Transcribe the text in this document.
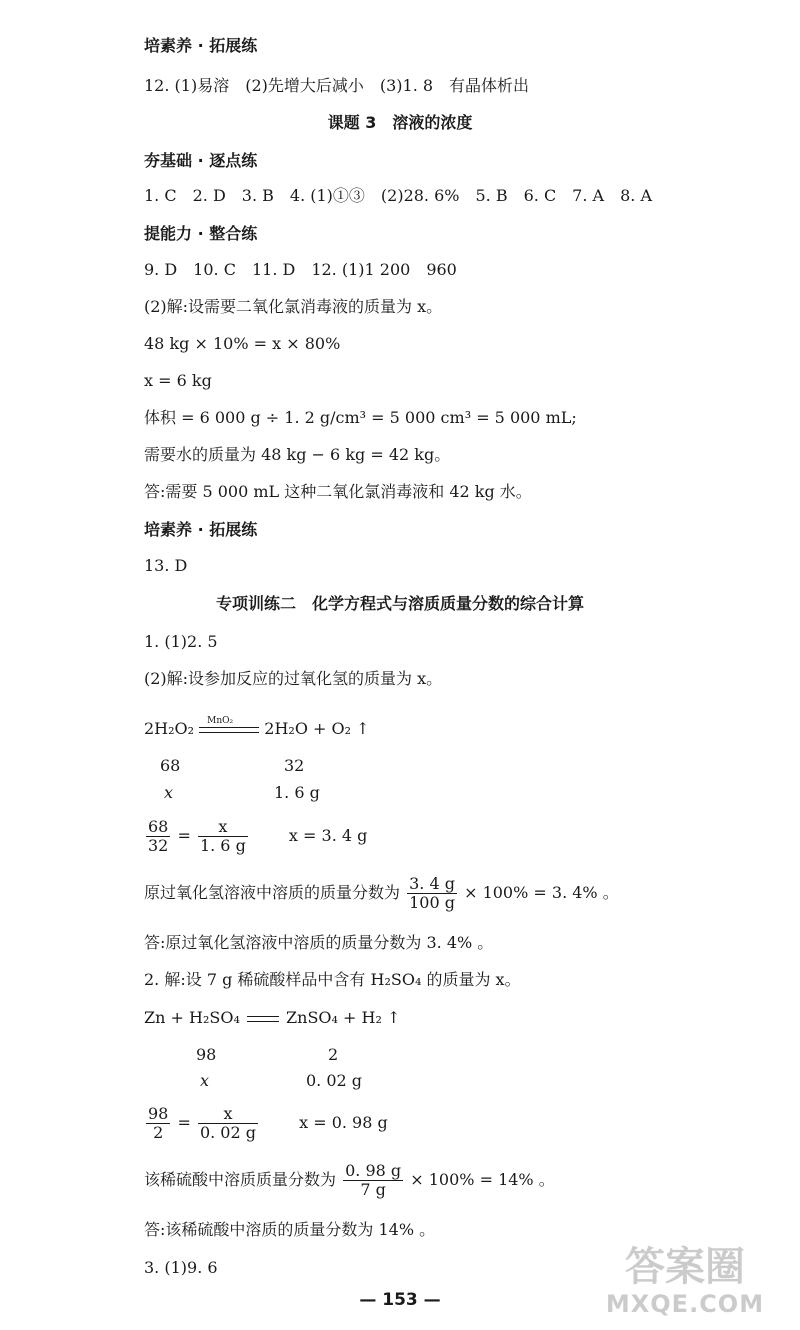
培素养 · 拓展练
12. (1)易溶　(2)先增大后减小　(3)1. 8　有晶体析出
课题 3　溶液的浓度
夯基础 · 逐点练
1. C　2. D　3. B　4. (1)①③　(2)28. 6%　5. B　6. C　7. A　8. A
提能力 · 整合练
9. D　10. C　11. D　12. (1)1 200　960
(2)解:设需要二氧化氯消毒液的质量为 x。
48 kg × 10% = x × 80%
x = 6 kg
体积 = 6 000 g ÷ 1. 2 g/cm³ = 5 000 cm³ = 5 000 mL;
需要水的质量为 48 kg − 6 kg = 42 kg。
答:需要 5 000 mL 这种二氧化氯消毒液和 42 kg 水。
培素养 · 拓展练
13. D
专项训练二　化学方程式与溶质质量分数的综合计算
1. (1)2. 5
(2)解:设参加反应的过氧化氢的质量为 x。
2H₂O₂ MnO₂ 2H₂O + O₂ ↑
68	32
x	1. 6 g
$\frac{68}{32} = \frac{x}{1. 6 g}$	x = 3. 4 g
原过氧化氢溶液中溶质的质量分数为 $\frac{3. 4 g}{100 g} \times 100\% = 3$. 4% 。
答:原过氧化氢溶液中溶质的质量分数为 3. 4% 。
2. 解:设 7 g 稀硫酸样品中含有 H₂SO₄ 的质量为 x。
Zn + H₂SO₄	ZnSO₄ + H₂ ↑
98	2
x	0. 02 g
$\frac{98}{2} = \frac{x}{0. 02 g}$	x = 0. 98 g
该稀硫酸中溶质质量分数为 $\frac{0. 98 g}{7 g} \times 100\% = 14\%$ 。
答:该稀硫酸中溶质的质量分数为 14% 。
3. (1)9. 6
— 153 —
答案圈
MXQE.COM
